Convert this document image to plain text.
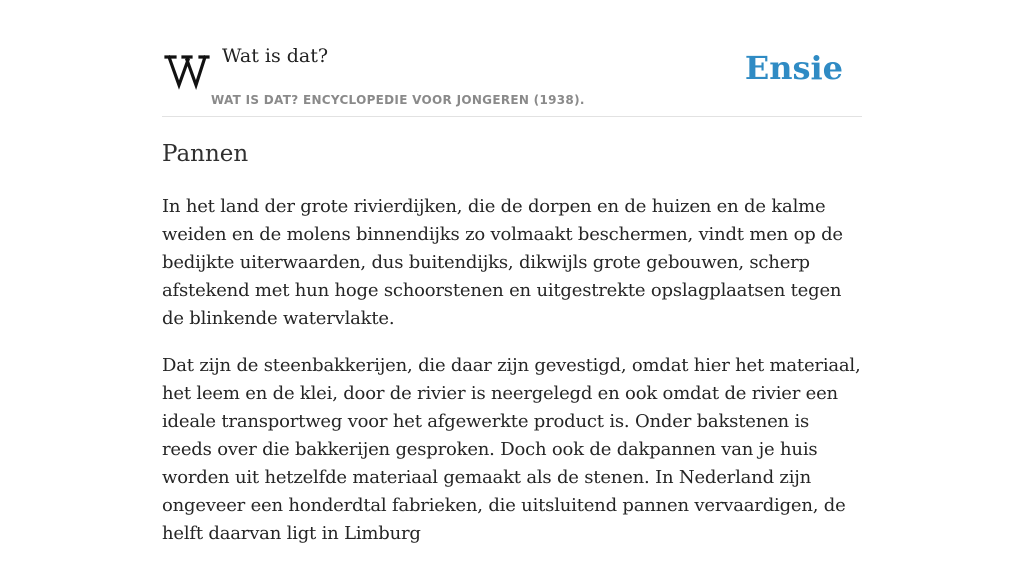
Wat is dat?
WAT IS DAT? ENCYCLOPEDIE VOOR JONGEREN (1938).
Ensie
Pannen

In het land der grote rivierdijken, die de dorpen en de huizen en de kalme weiden en de molens binnendijks zo volmaakt beschermen, vindt men op de bedijkte uiterwaarden, dus buitendijks, dikwijls grote gebouwen, scherp afstekend met hun hoge schoorstenen en uitgestrekte opslagplaatsen tegen de blinkende watervlakte.

Dat zijn de steenbakkerijen, die daar zijn gevestigd, omdat hier het materiaal, het leem en de klei, door de rivier is neergelegd en ook omdat de rivier een ideale transportweg voor het afgewerkte product is. Onder bakstenen is reeds over die bakkerijen gesproken. Doch ook de dakpannen van je huis worden uit hetzelfde materiaal gemaakt als de stenen. In Nederland zijn ongeveer een honderdtal fabrieken, die uitsluitend pannen vervaardigen, de helft daarvan ligt in Limburg
